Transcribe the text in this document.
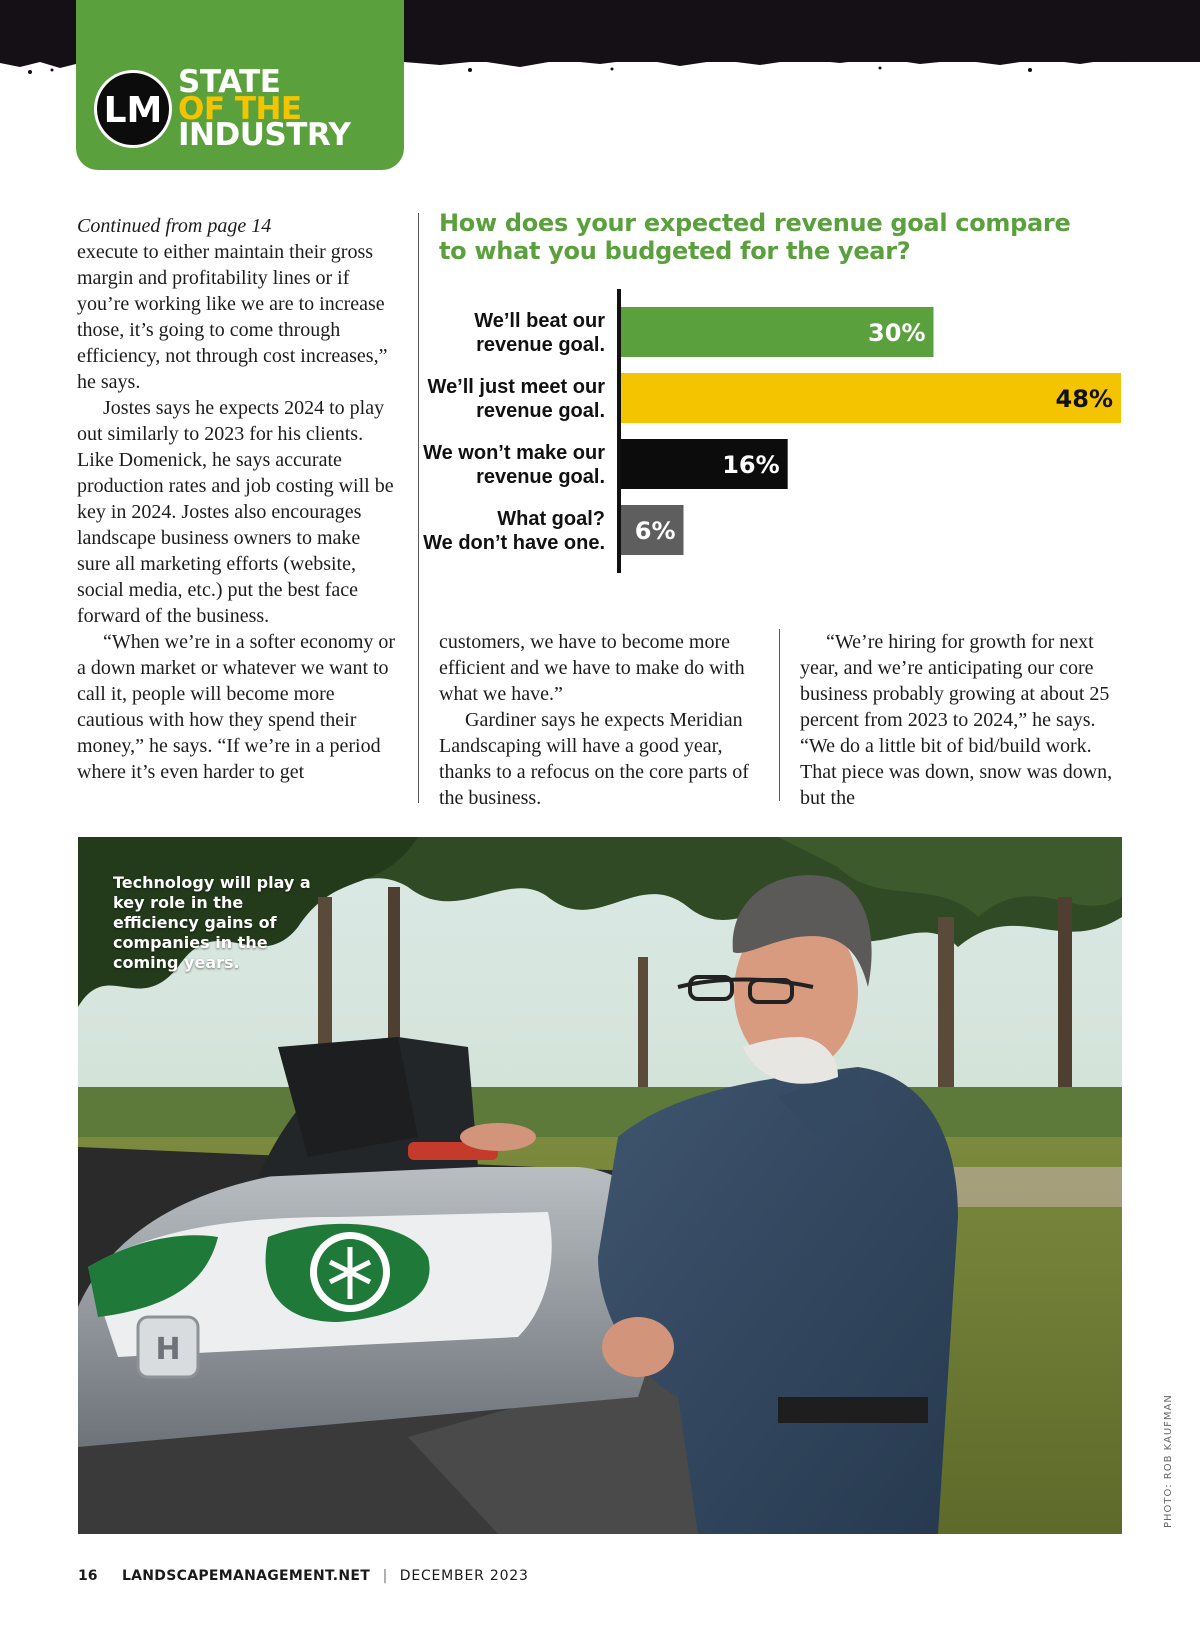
LM
STATE
OF THE
INDUSTRY

Continued from page 14

execute to either maintain their gross margin and profitability lines or if you’re working like we are to increase those, it’s going to come through efficiency, not through cost increases,” he says.

Jostes says he expects 2024 to play out similarly to 2023 for his clients. Like Domenick, he says accurate production rates and job costing will be key in 2024. Jostes also encourages landscape business owners to make sure all marketing efforts (website, social media, etc.) put the best face forward of the business.

“When we’re in a softer economy or a down market or whatever we want to call it, people will become more cautious with how they spend their money,” he says. “If we’re in a period where it’s even harder to get

How does your expected revenue goal compare to what you budgeted for the year?
30%
We’ll beat our
revenue goal.
48%
We’ll just meet our
revenue goal.
16%
We won’t make our
revenue goal.
6%
What goal?
We don’t have one.

customers, we have to become more efficient and we have to make do with what we have.”

Gardiner says he expects Meridian Landscaping will have a good year, thanks to a refocus on the core parts of the business.

“We’re hiring for growth for next year, and we’re anticipating our core business probably growing at about 25 percent from 2023 to 2024,” he says. “We do a little bit of bid/build work. That piece was down, snow was down, but the

H
Technology will play a key role in the efficiency gains of companies in the coming years.
PHOTO: ROB KAUFMAN
16 LANDSCAPEMANAGEMENT.NET | DECEMBER 2023
